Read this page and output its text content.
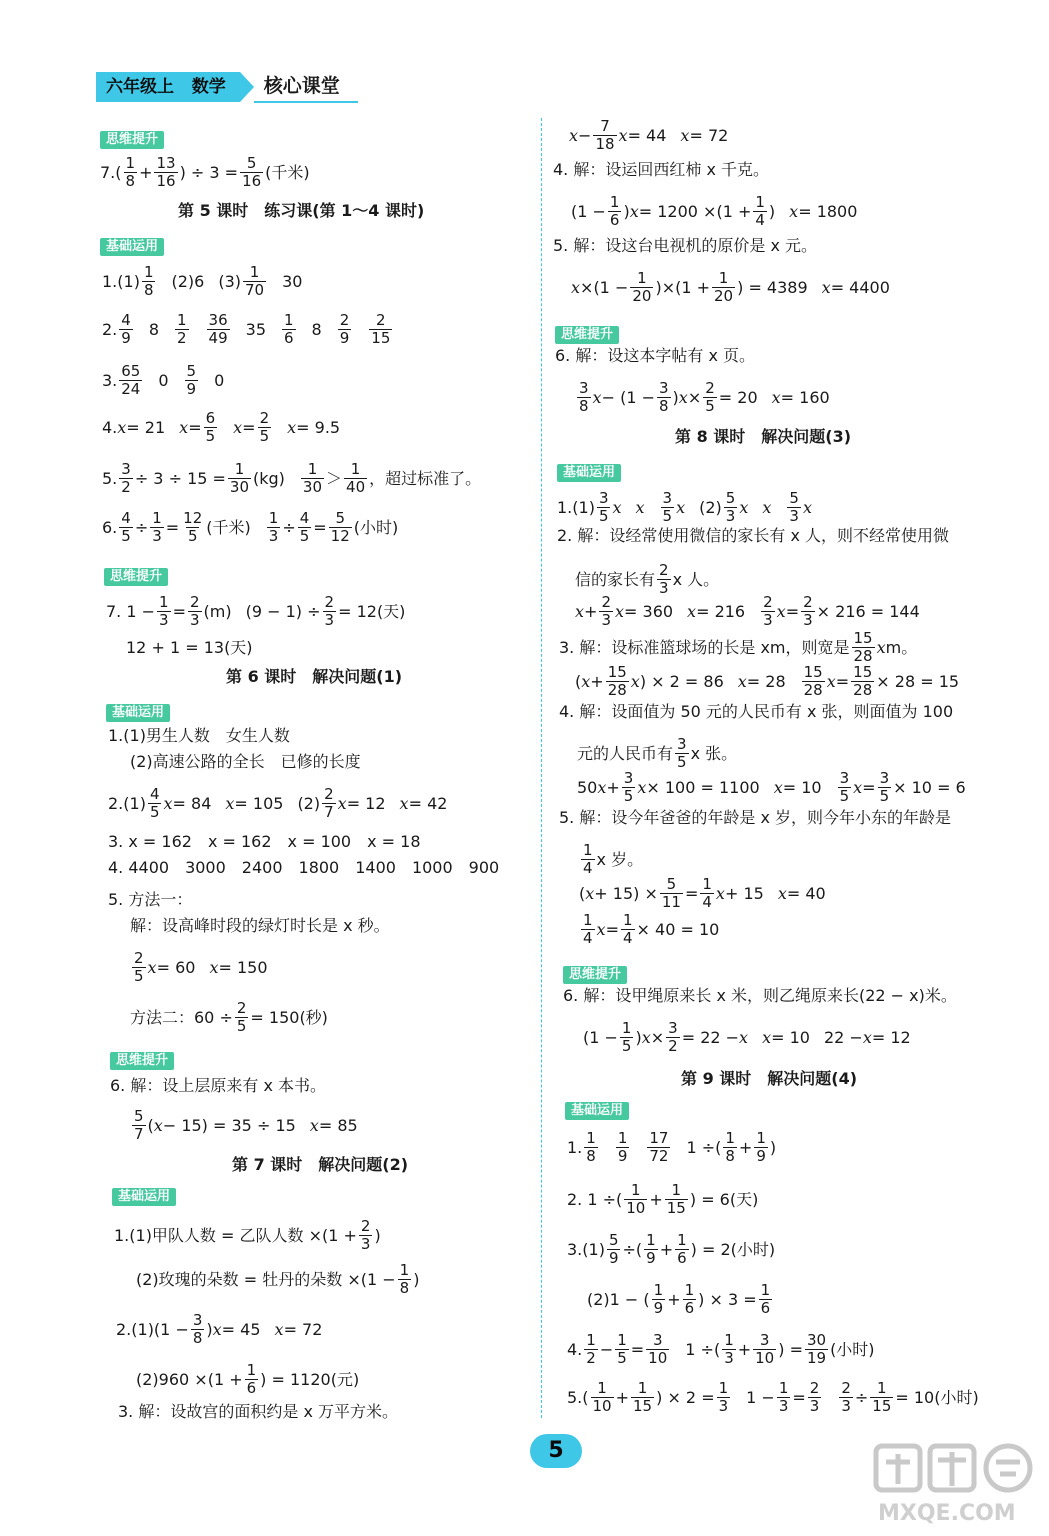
六年级上 数学	核心课堂
思维提升
7.( 1
8 + 13
16 ) ÷ 3 = 5
16 (千米)
第 5 课时　练习课(第 1～4 课时)
基础运用
1.(1) 1
8 (2)6 (3) 1
70 30
2. 4
9 8 1
2
36
49 35 1
6 8 2
9
2
15
3. 65
24 0 5
9 0
4. x = 21 x = 6
5 x = 2
5 x = 9.5
5. 3
2 ÷ 3 ÷ 15 = 1
30 (kg) 1
30 ＞ 1
40 ，超过标准了。
6. 4
5 ÷ 1
3 = 12
5 (千米) 1
3 ÷ 4
5 = 5
12 (小时)
思维提升
7. 1 − 1
3 = 2
3 (m) (9 − 1) ÷ 2
3 = 12 (天)
12 + 1 = 13 (天)
第 6 课时　解决问题(1)
基础运用
1.(1)男生人数　女生人数
(2)高速公路的全长　已修的长度
2.(1) 4
5 x = 84 x = 105 (2) 2
7 x = 12 x = 42
3. x = 162　x = 162　x = 100　x = 18
4. 4400　3000　2400　1800　1400　1000　900
5. 方法一：
解：设高峰时段的绿灯时长是 x 秒。
2
5 x = 60 x = 150
方法二：$60 \div \frac{2}{5} = 150$ (秒)
思维提升
6. 解：设上层原来有 x 本书。
5
7 ( x − 15) = 35 ÷ 15 x = 85
第 7 课时　解决问题(2)
基础运用
1.(1)甲队人数 = 乙队人数 $\times(1 + \frac{2}{3}$ )
(2)玫瑰的朵数 = 牡丹的朵数 $\times(1 - \frac{1}{8}$ )
2.(1)(1 − 3
8 ) x = 45 x = 72
(2)960 ×(1 + 1
6 ) = 1120 (元)
3. 解：设故宫的面积约是 x 万平方米。
x − 7
18 x = 44 x = 72
4. 解：设运回西红柿 x 千克。
(1 − 1
6 ) x = 1200 ×(1 + 1
4 ) x = 1800
5. 解：设这台电视机的原价是 x 元。
x ×(1 − 1
20 )×(1 + 1
20 ) = 4389 x = 4400
思维提升
6. 解：设这本字帖有 x 页。
3
8 x − (1 − 3
8 ) x × 2
5 = 20 x = 160
第 8 课时　解决问题(3)
基础运用
1.(1) 3
5 x x 3
5 x (2) 5
3 x x 5
3 x
2. 解：设经常使用微信的家长有 x 人，则不经常使用微
信的家长有 2
3 x 人。
x + 2
3 x = 360 x = 216 2
3 x = 2
3 × 216 = 144
3. 解：设标准篮球场的长是 xm，则宽是 15
28 x m。
( x + 15
28 x ) × 2 = 86 x = 28 15
28 x = 15
28 × 28 = 15
4. 解：设面值为 50 元的人民币有 x 张，则面值为 100
元的人民币有 3
5 x 张。
50 x + 3
5 x × 100 = 1100 x = 10 3
5 x = 3
5 × 10 = 6
5. 解：设今年爸爸的年龄是 x 岁，则今年小东的年龄是
1
4 x 岁。
( x + 15) × 5
11 = 1
4 x + 15 x = 40
1
4 x = 1
4 × 40 = 10
思维提升
6. 解：设甲绳原来长 x 米，则乙绳原来长(22 − x)米。
(1 − 1
5 ) x × 3
2 = 22 − x x = 10 22 − x = 12
第 9 课时　解决问题(4)
基础运用
1. 1
8
1
9
17
72 1 ÷( 1
8 + 1
9 )
2. 1 ÷( 1
10 + 1
15 ) = 6 (天)
3.(1) 5
9 ÷( 1
9 + 1
6 ) = 2 (小时)
(2)1 − ( 1
9 + 1
6 ) × 3 = 1
6
4. 1
2 − 1
5 = 3
10 1 ÷( 1
3 + 3
10 ) = 30
19 (小时)
5.( 1
10 + 1
15 ) × 2 = 1
3 1 − 1
3 = 2
3
2
3 ÷ 1
15 = 10 (小时)
5
MXQE.COM
